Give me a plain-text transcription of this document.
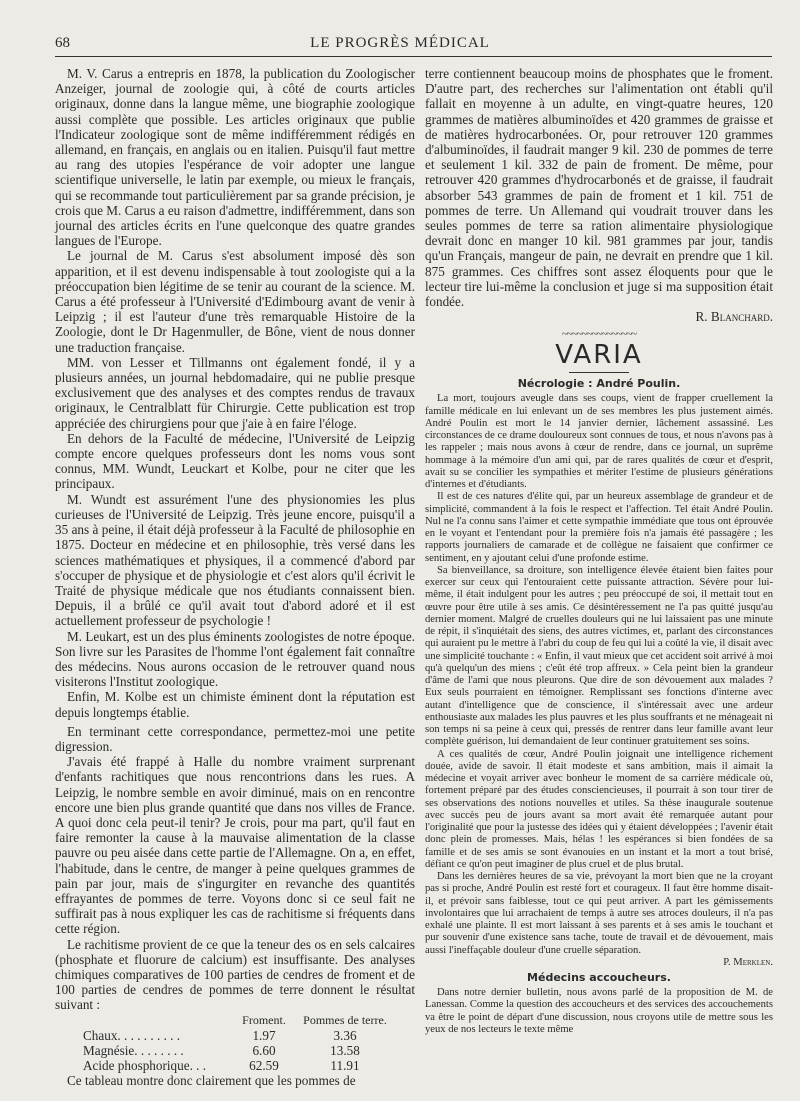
68	LE PROGRÈS MÉDICAL

M. V. Carus a entrepris en 1878, la publication du Zoologischer Anzeiger, journal de zoologie qui, à côté de courts articles originaux, donne dans la langue même, une biographie zoologique aussi complète que possible. Les articles originaux que publie l'Indicateur zoologique sont de même indifféremment rédigés en allemand, en français, en anglais ou en italien. Puisqu'il faut mettre au rang des utopies l'espérance de voir adopter une langue scientifique universelle, le latin par exemple, ou mieux le français, qui se recommande tout particulièrement par sa grande précision, je crois que M. Carus a eu raison d'admettre, indifféremment, dans son journal des articles écrits en l'une quelconque des quatre grandes langues de l'Europe.

Le journal de M. Carus s'est absolument imposé dès son apparition, et il est devenu indispensable à tout zoologiste qui a la préoccupation bien légitime de se tenir au courant de la science. M. Carus a été professeur à l'Université d'Edimbourg avant de venir à Leipzig ; il est l'auteur d'une très remarquable Histoire de la Zoologie, dont le Dr Hagenmuller, de Bône, vient de nous donner une traduction française.

MM. von Lesser et Tillmanns ont également fondé, il y a plusieurs années, un journal hebdomadaire, qui ne publie presque exclusivement que des analyses et des comptes rendus de travaux originaux, le Centralblatt für Chirurgie. Cette publication est trop appréciée des chirurgiens pour que j'aie à en faire l'éloge.

En dehors de la Faculté de médecine, l'Université de Leipzig compte encore quelques professeurs dont les noms vous sont connus, MM. Wundt, Leuckart et Kolbe, pour ne citer que les principaux.

M. Wundt est assurément l'une des physionomies les plus curieuses de l'Université de Leipzig. Très jeune encore, puisqu'il a 35 ans à peine, il était déjà professeur à la Faculté de philosophie en 1875. Docteur en médecine et en philosophie, très versé dans les sciences mathématiques et physiques, il a commencé d'abord par s'occuper de physique et de physiologie et c'est alors qu'il écrivit le Traité de physique médicale que nos étudiants connaissent bien. Depuis, il a brûlé ce qu'il avait tout d'abord adoré et il est actuellement professeur de psychologie !

M. Leukart, est un des plus éminents zoologistes de notre époque. Son livre sur les Parasites de l'homme l'ont également fait connaître des médecins. Nous aurons occasion de le retrouver quand nous visiterons l'Institut zoologique.

Enfin, M. Kolbe est un chimiste éminent dont la réputation est depuis longtemps établie.

En terminant cette correspondance, permettez-moi une petite digression.

J'avais été frappé à Halle du nombre vraiment surprenant d'enfants rachitiques que nous rencontrions dans les rues. A Leipzig, le nombre semble en avoir diminué, mais on en rencontre encore une bien plus grande quantité que dans nos villes de France. A quoi donc cela peut-il tenir? Je crois, pour ma part, qu'il faut en faire remonter la cause à la mauvaise alimentation de la classe pauvre ou peu aisée dans cette partie de l'Allemagne. On a, en effet, l'habitude, dans le centre, de manger à peine quelques grammes de pain par jour, mais de s'ingurgiter en revanche des quantités effrayantes de pommes de terre. Voyons donc si ce seul fait ne suffirait pas à nous expliquer les cas de rachitisme si fréquents dans cette région.

Le rachitisme provient de ce que la teneur des os en sels calcaires (phosphate et fluorure de calcium) est insuffisante. Des analyses chimiques comparatives de 100 parties de cendres de froment et de 100 parties de cendres de pommes de terre donnent le résultat suivant :

	Froment.	Pommes de terre.
Chaux. . . . . . . . . .	1.97	3.36
Magnésie. . . . . . . .	6.60	13.58
Acide phosphorique. . .	62.59	11.91

Ce tableau montre donc clairement que les pommes de

terre contiennent beaucoup moins de phosphates que le froment. D'autre part, des recherches sur l'alimentation ont établi qu'il fallait en moyenne à un adulte, en vingt-quatre heures, 120 grammes de matières albuminoïdes et 420 grammes de graisse et de matières hydrocarbonées. Or, pour retrouver 120 grammes d'albuminoïdes, il faudrait manger 9 kil. 230 de pommes de terre et seulement 1 kil. 332 de pain de froment. De même, pour retrouver 420 grammes d'hydrocarbonés et de graisse, il faudrait absorber 543 grammes de pain de froment et 1 kil. 751 de pommes de terre. Un Allemand qui voudrait trouver dans les seules pommes de terre sa ration alimentaire physiologique devrait donc en manger 10 kil. 981 grammes par jour, tandis qu'un Français, mangeur de pain, ne devrait en prendre que 1 kil. 875 grammes. Ces chiffres sont assez éloquents pour que le lecteur tire lui-même la conclusion et juge si ma supposition était fondée.

R. Blanchard.
~~~~~~~~~~~~~~~
VARIA
Nécrologie : André Poulin.

La mort, toujours aveugle dans ses coups, vient de frapper cruellement la famille médicale en lui enlevant un de ses membres les plus justement aimés. André Poulin est mort le 14 janvier dernier, lâchement assassiné. Les circonstances de ce drame douloureux sont connues de tous, et nous n'avons pas à les rappeler ; mais nous avons à cœur de rendre, dans ce journal, un suprême hommage à la mémoire d'un ami qui, par de rares qualités de cœur et d'esprit, avait su se concilier les sympathies et mériter l'estime de plusieurs générations d'internes et d'étudiants.

Il est de ces natures d'élite qui, par un heureux assemblage de grandeur et de simplicité, commandent à la fois le respect et l'affection. Tel était André Poulin. Nul ne l'a connu sans l'aimer et cette sympathie immédiate que tous ont éprouvée en le voyant et l'entendant pour la première fois n'a jamais été passagère ; les rapports journaliers de camarade et de collègue ne faisaient que confirmer ce sentiment, en y ajoutant celui d'une profonde estime.

Sa bienveillance, sa droiture, son intelligence élevée étaient bien faites pour exercer sur ceux qui l'entouraient cette puissante attraction. Sévère pour lui-même, il était indulgent pour les autres ; peu préoccupé de soi, il mettait tout en œuvre pour être utile à ses amis. Ce désintéressement ne l'a pas quitté jusqu'au dernier moment. Malgré de cruelles douleurs qui ne lui laissaient pas une minute de répit, il s'inquiétait des siens, des autres victimes, et, parlant des circonstances qui auraient pu le mettre à l'abri du coup de feu qui lui a coûté la vie, il disait avec une simplicité touchante : « Enfin, il vaut mieux que cet accident soit arrivé à moi qu'à quelqu'un des miens ; c'eût été trop affreux. » Cela peint bien la grandeur d'âme de l'ami que nous pleurons. Que dire de son dévouement aux malades ? Eux seuls pourraient en témoigner. Remplissant ses fonctions d'interne avec autant d'intelligence que de conscience, il s'intéressait avec une ardeur enthousiaste aux malades les plus pauvres et les plus souffrants et ne ménageait ni son temps ni sa peine à ceux qui, pressés de rentrer dans leur famille avant leur complète guérison, lui demandaient de leur continuer gratuitement ses soins.

A ces qualités de cœur, André Poulin joignait une intelligence richement douée, avide de savoir. Il était modeste et sans ambition, mais il aimait la médecine et voyait arriver avec bonheur le moment de sa carrière médicale où, fortement préparé par des études consciencieuses, il pourrait à son tour tirer de ses observations des notions nouvelles et utiles. Sa thèse inaugurale soutenue avec succès peu de jours avant sa mort avait été remarquée autant pour l'originalité que pour la justesse des idées qui y étaient développées ; l'avenir était donc plein de promesses. Mais, hélas ! les espérances si bien fondées de sa famille et de ses amis se sont évanouies en un instant et la mort a tout brisé, défiant ce qu'on peut imaginer de plus cruel et de plus brutal.

Dans les dernières heures de sa vie, prévoyant la mort bien que ne la croyant pas si proche, André Poulin est resté fort et courageux. Il faut être homme disait-il, et prévoir sans faiblesse, tout ce qui peut arriver. A part les gémissements involontaires que lui arrachaient de temps à autre ses atroces douleurs, il n'a pas exhalé une plainte. Il est mort laissant à ses parents et à ses amis le touchant et pur souvenir d'une existence sans tache, toute de travail et de dévouement, mais aussi l'ineffaçable douleur d'une cruelle séparation.

P. Merklen.
Médecins accoucheurs.

Dans notre dernier bulletin, nous avons parlé de la proposition de M. de Lanessan. Comme la question des accoucheurs et des services des accouchements va être le point de départ d'une discussion, nous croyons utile de mettre sous les yeux de nos lecteurs le texte même
